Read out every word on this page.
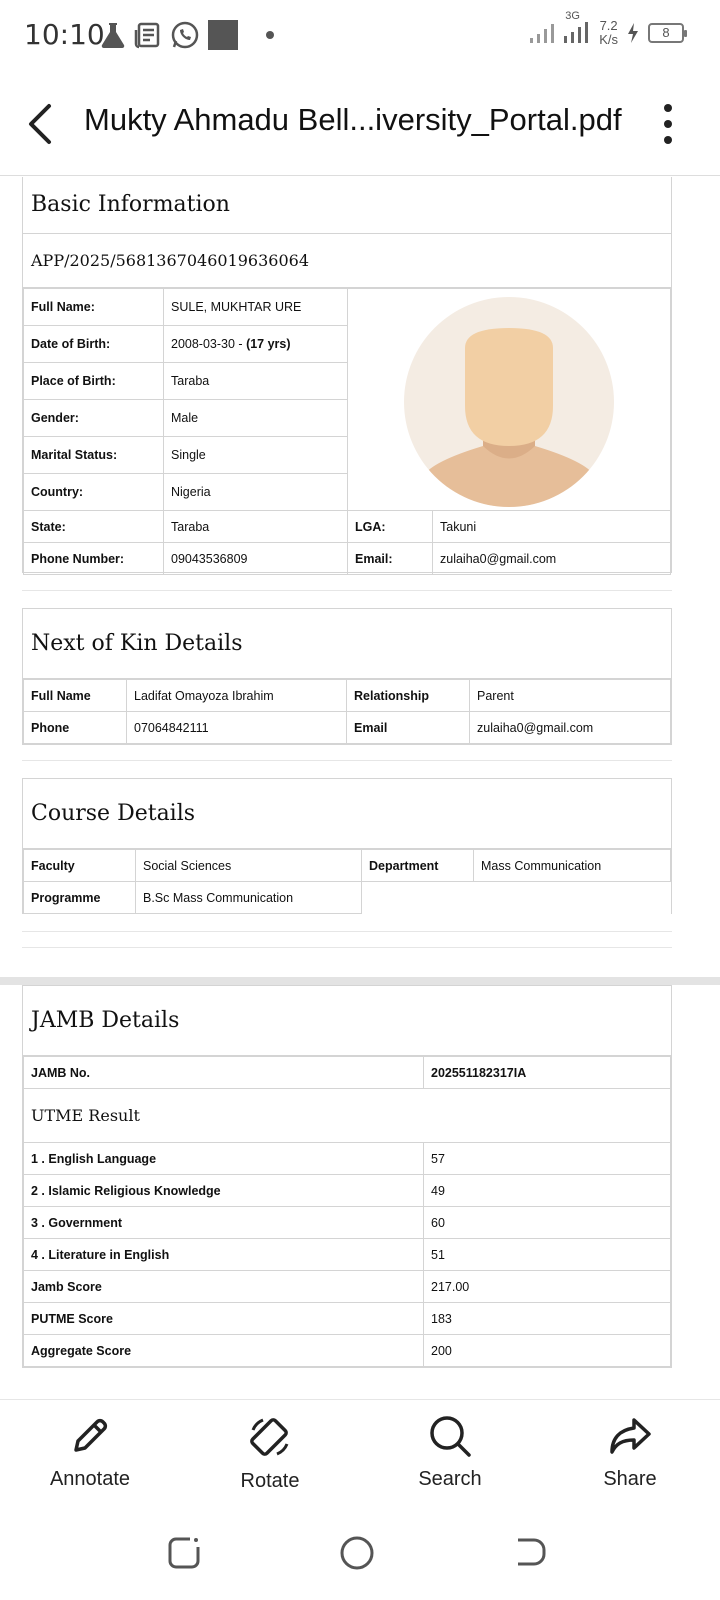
10:10
3G
7.2
K/s	8
Mukty Ahmadu Bell...iversity_Portal.pdf
Basic Information
APP/2025/5681367046019636064
Full Name:	SULE, MUKHTAR URE	

Date of Birth:	2008-03-30 - (17 yrs)		
Place of Birth:	Taraba		
Gender:	Male		
Marital Status:	Single		
Country:	Nigeria		
State:	Taraba	LGA:	Takuni
Phone Number:	09043536809	Email:	zulaiha0@gmail.com
Next of Kin Details
Full Name	Ladifat Omayoza Ibrahim	Relationship	Parent
Phone	07064842111	Email	zulaiha0@gmail.com
Course Details
Faculty	Social Sciences	Department	Mass Communication
Programme	B.Sc Mass Communication		
JAMB Details
JAMB No.	202551182317IA
UTME Result	
1 . English Language	57
2 . Islamic Religious Knowledge	49
3 . Government	60
4 . Literature in English	51
Jamb Score	217.00
PUTME Score	183
Aggregate Score	200
Annotate	Rotate	Search	Share
